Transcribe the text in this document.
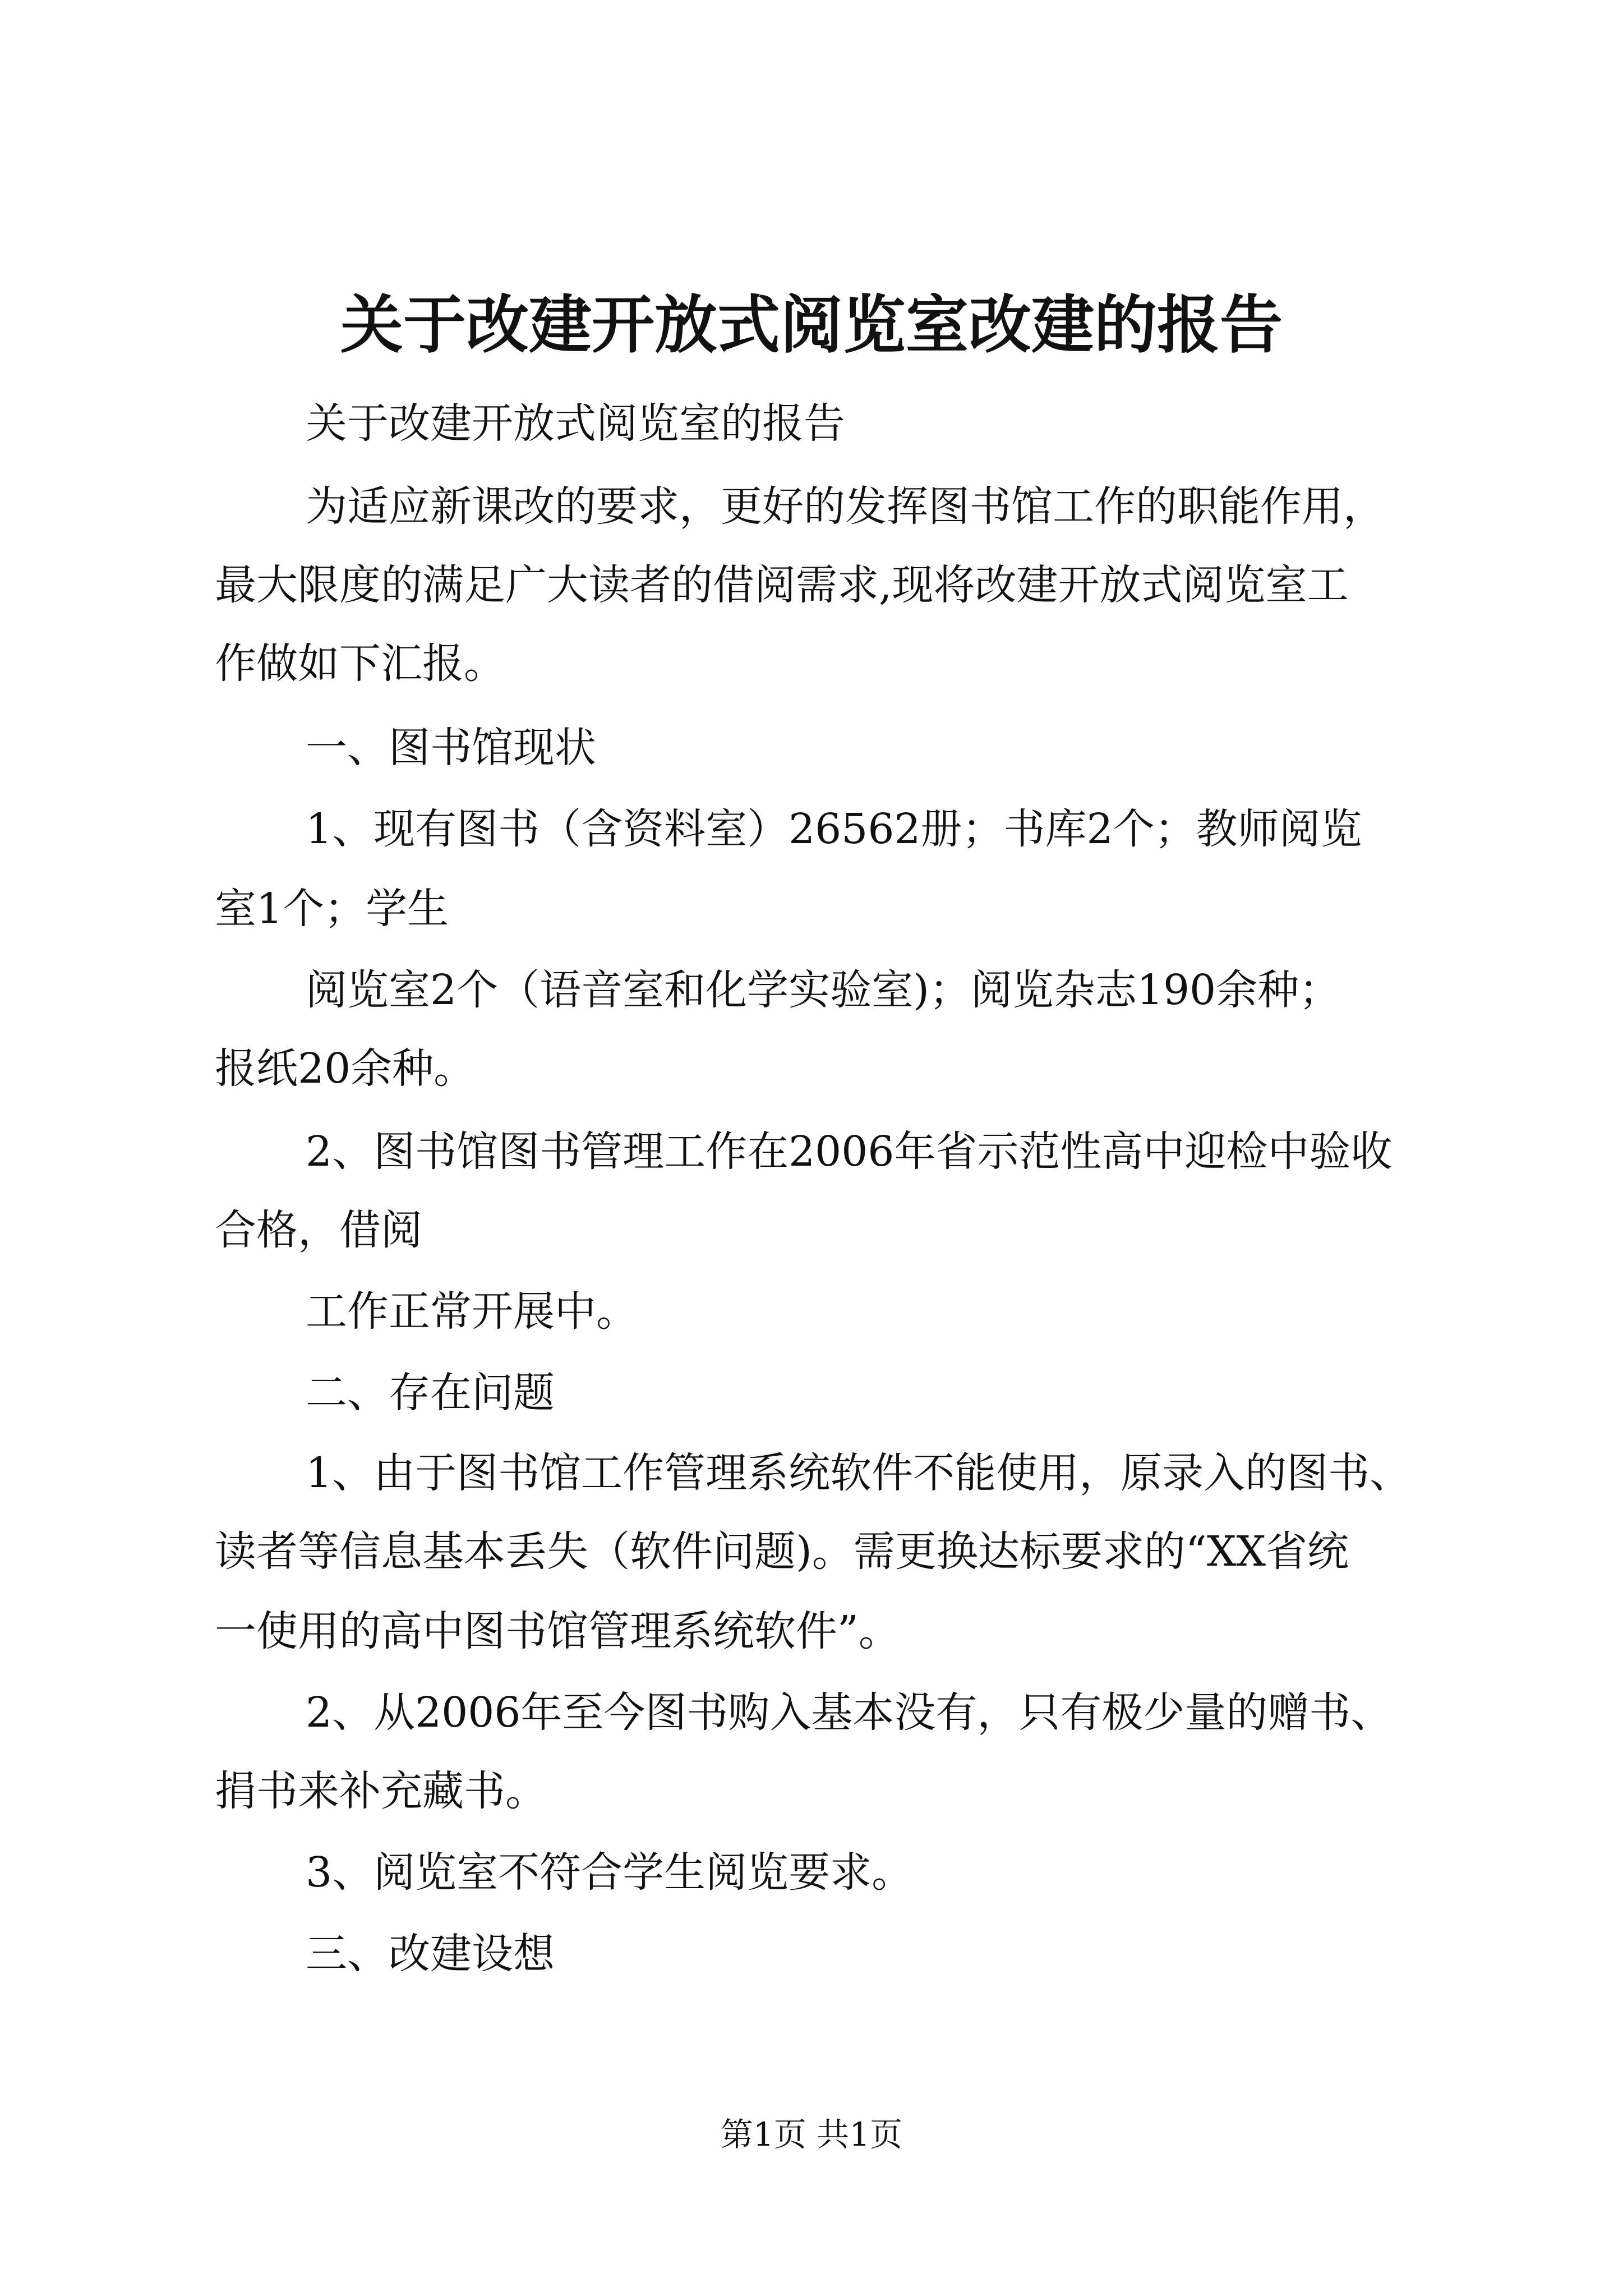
关于改建开放式阅览室改建的报告
关于改建开放式阅览室的报告
为适应新课改的要求，更好的发挥图书馆工作的职能作用，
最大限度的满足广大读者的借阅需求,现将改建开放式阅览室工
作做如下汇报。
一、图书馆现状
1、现有图书（含资料室）26562册；书库2个；教师阅览
室1个；学生
阅览室2个（语音室和化学实验室)；阅览杂志190余种；
报纸20余种。
2、图书馆图书管理工作在2006年省示范性高中迎检中验收
合格，借阅
工作正常开展中。
二、存在问题
1、由于图书馆工作管理系统软件不能使用，原录入的图书、
读者等信息基本丢失（软件问题)。需更换达标要求的“XX省统
一使用的高中图书馆管理系统软件”。
2、从2006年至今图书购入基本没有，只有极少量的赠书、
捐书来补充藏书。
3、阅览室不符合学生阅览要求。
三、改建设想
第1页 共1页
